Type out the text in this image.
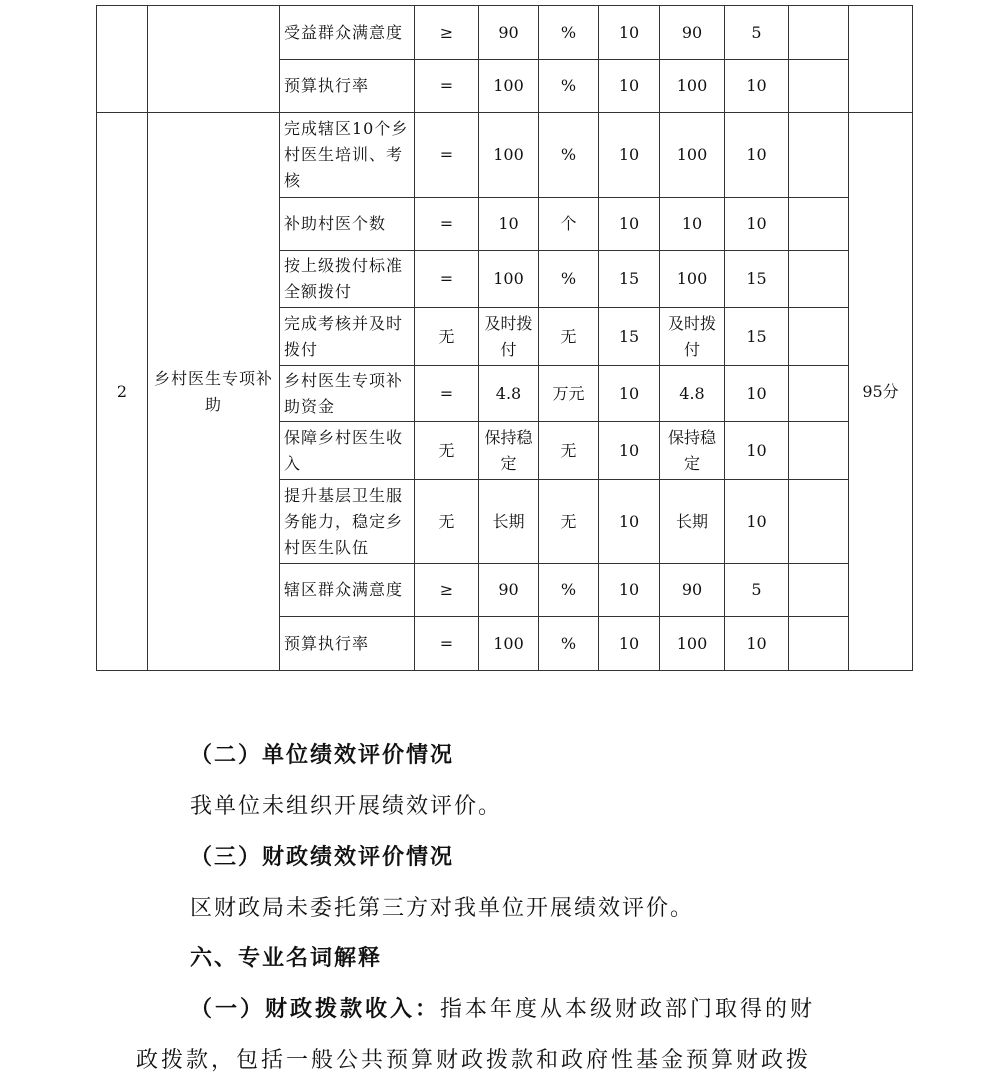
		受益群众满意度	≥	90	%	10	90	5		
		预算执行率	=	100	%	10	100	10		
2	乡村医生专项补助	完成辖区10个乡村医生培训、考核	=	100	%	10	100	10		95分
		补助村医个数	=	10	个	10	10	10		
		按上级拨付标准全额拨付	=	100	%	15	100	15		
		完成考核并及时拨付	无	及时拨付	无	15	及时拨付	15		
		乡村医生专项补助资金	=	4.8	万元	10	4.8	10		
		保障乡村医生收入	无	保持稳定	无	10	保持稳定	10		
		提升基层卫生服务能力，稳定乡村医生队伍	无	长期	无	10	长期	10		
		辖区群众满意度	≥	90	%	10	90	5		
		预算执行率	=	100	%	10	100	10		
（二）单位绩效评价情况
我单位未组织开展绩效评价。
（三）财政绩效评价情况
区财政局未委托第三方对我单位开展绩效评价。
六、专业名词解释
（一）财政拨款收入：指本年度从本级财政部门取得的财
政拨款，包括一般公共预算财政拨款和政府性基金预算财政拨
